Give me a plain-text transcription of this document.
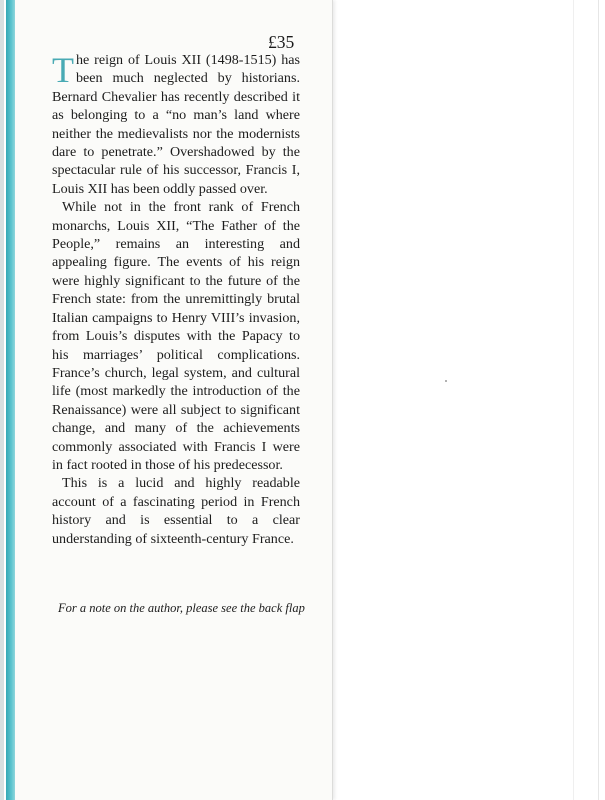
£35

The reign of Louis XII (1498-1515) has been much neglected by historians. Bernard Chevalier has recently described it as belonging to a “no man’s land where neither the medievalists nor the modernists dare to penetrate.” Overshadowed by the spectacular rule of his successor, Francis I, Louis XII has been oddly passed over.

While not in the front rank of French monarchs, Louis XII, “The Father of the People,” remains an interesting and appealing figure. The events of his reign were highly significant to the future of the French state: from the unremittingly brutal Italian campaigns to Henry VIII’s invasion, from Louis’s disputes with the Papacy to his marriages’ political complications. France’s church, legal system, and cultural life (most markedly the introduction of the Renaissance) were all subject to significant change, and many of the achievements commonly associated with Francis I were in fact rooted in those of his predecessor.

This is a lucid and highly readable account of a fascinating period in French history and is essential to a clear understanding of sixteenth-century France.

For a note on the author, please see the back flap
